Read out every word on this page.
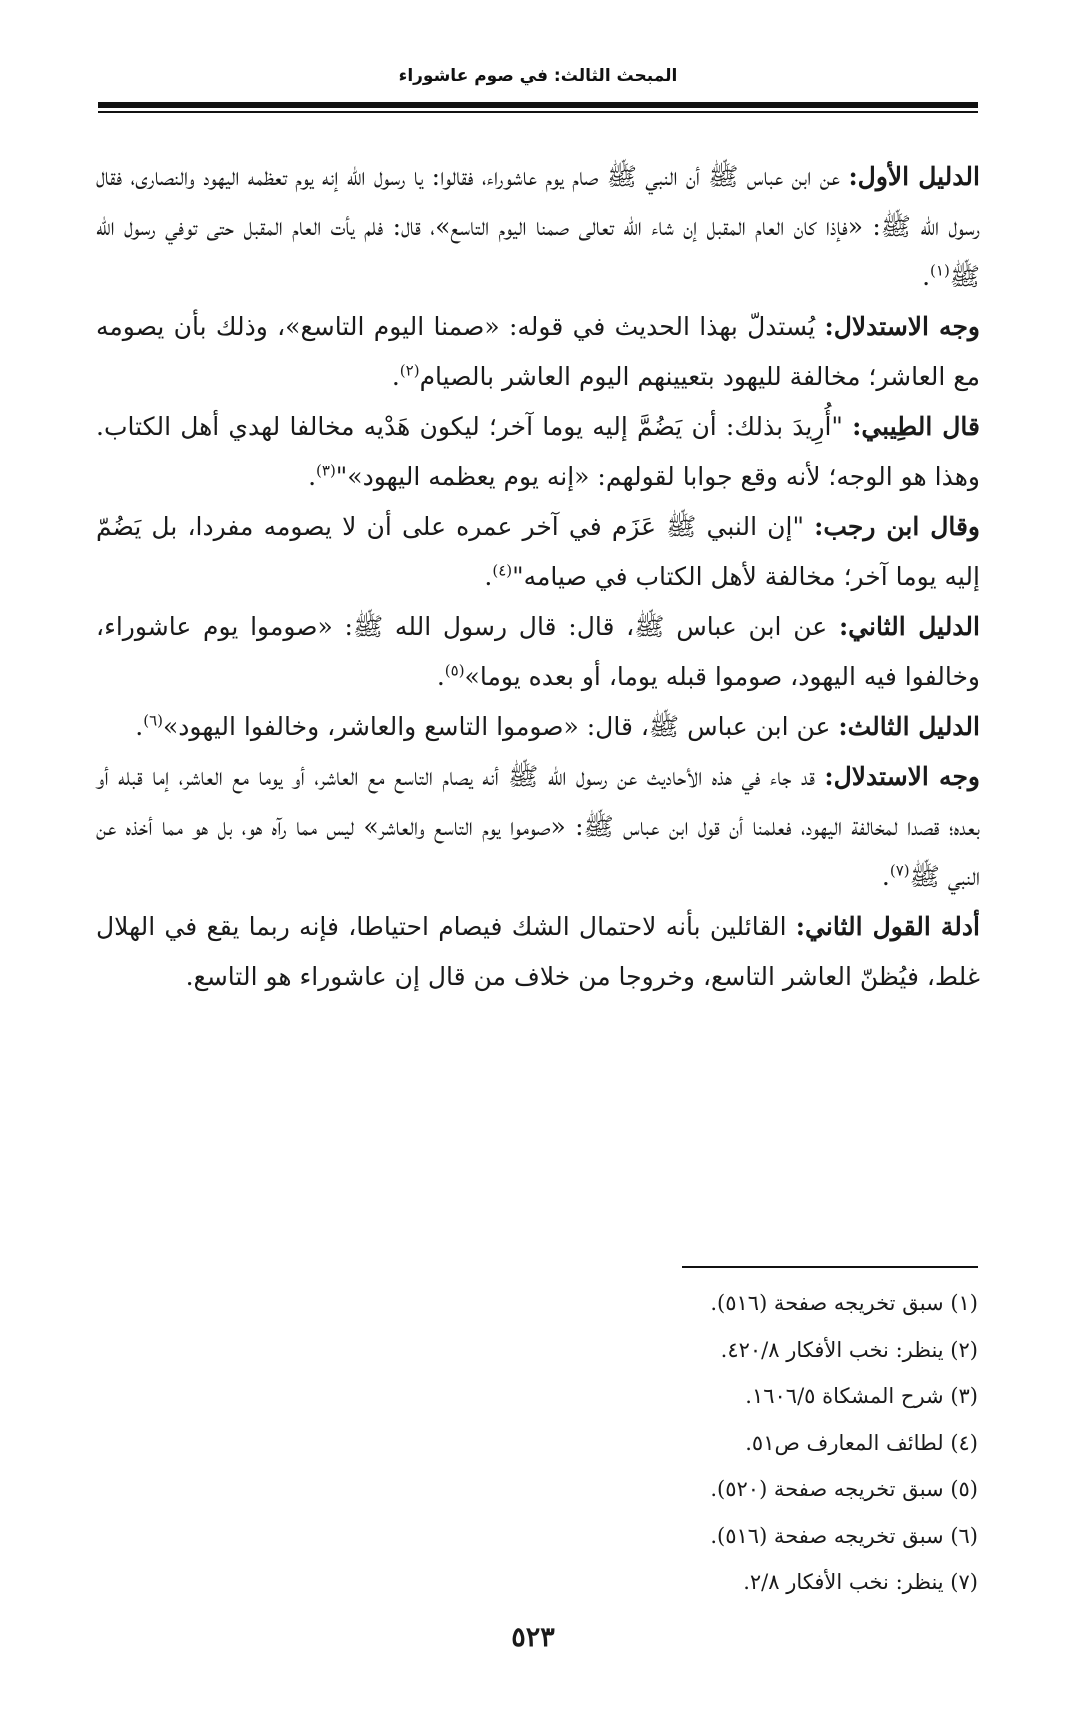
المبحث الثالث: في صوم عاشوراء

الدليل الأول: عن ابن عباس ﷺ أن النبي ﷺ صام يوم عاشوراء، فقالوا: يا رسول الله إنه يوم تعظمه اليهود والنصارى، فقال رسول الله ﷺ: «فإذا كان العام المقبل إن شاء الله تعالى صمنا اليوم التاسع»، قال: فلم يأت العام المقبل حتى توفي رسول الله ﷺ$^{(١)}$.

وجه الاستدلال: يُستدلّ بهذا الحديث في قوله: «صمنا اليوم التاسع»، وذلك بأن يصومه مع العاشر؛ مخالفة لليهود بتعيينهم اليوم العاشر بالصيام$^{(٢)}$.

قال الطِيبي: "أُرِيدَ بذلك: أن يَضُمَّ إليه يوما آخر؛ ليكون هَدْيه مخالفا لهدي أهل الكتاب. وهذا هو الوجه؛ لأنه وقع جوابا لقولهم: «إنه يوم يعظمه اليهود»"$^{(٣)}$.

وقال ابن رجب: "إن النبي ﷺ عَزَم في آخر عمره على أن لا يصومه مفردا، بل يَضُمّ إليه يوما آخر؛ مخالفة لأهل الكتاب في صيامه"$^{(٤)}$.

الدليل الثاني: عن ابن عباس ﷺ، قال: قال رسول الله ﷺ: «صوموا يوم عاشوراء، وخالفوا فيه اليهود، صوموا قبله يوما، أو بعده يوما»$^{(٥)}$.

الدليل الثالث: عن ابن عباس ﷺ، قال: «صوموا التاسع والعاشر، وخالفوا اليهود»$^{(٦)}$.

وجه الاستدلال: قد جاء في هذه الأحاديث عن رسول الله ﷺ أنه يصام التاسع مع العاشر، أو يوما مع العاشر، إما قبله أو بعده؛ قصدا لمخالفة اليهود، فعلمنا أن قول ابن عباس ﷺ: «صوموا يوم التاسع والعاشر» ليس مما رآه هو، بل هو مما أخذه عن النبي ﷺ$^{(٧)}$.

أدلة القول الثاني: القائلين بأنه لاحتمال الشك فيصام احتياطا، فإنه ربما يقع في الهلال غلط، فيُظنّ العاشر التاسع، وخروجا من خلاف من قال إن عاشوراء هو التاسع.

(١) سبق تخريجه صفحة (٥١٦).
(٢) ينظر: نخب الأفكار ٤٢٠/٨.
(٣) شرح المشكاة ١٦٠٦/٥.
(٤) لطائف المعارف ص٥١.
(٥) سبق تخريجه صفحة (٥٢٠).
(٦) سبق تخريجه صفحة (٥١٦).
(٧) ينظر: نخب الأفكار ٢/٨.
٥٢٣
